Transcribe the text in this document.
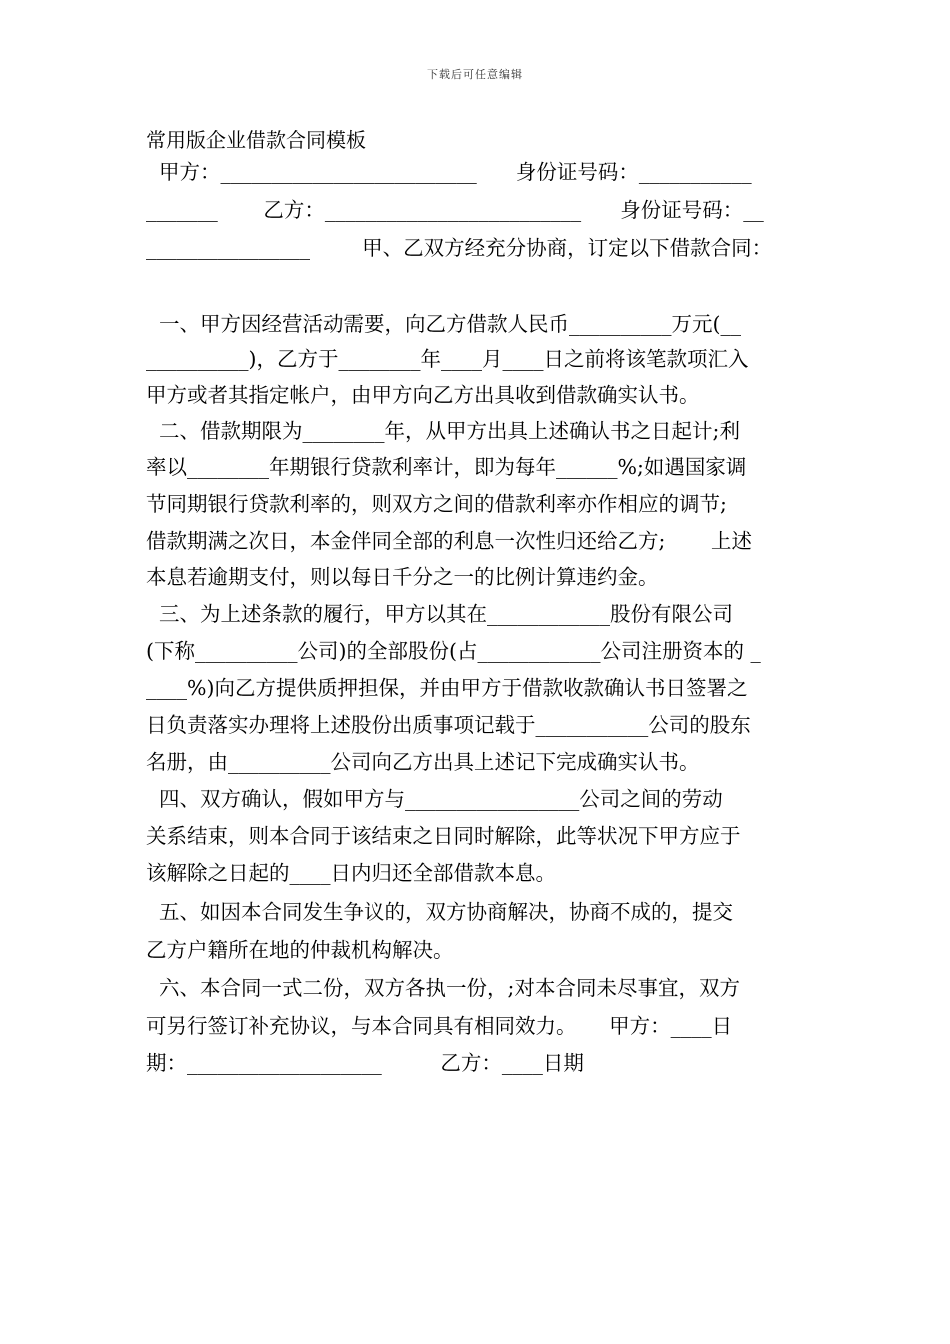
下载后可任意编辑
常用版企业借款合同模板
甲方：_________________________      身份证号码：___________
_______       乙方：_________________________      身份证号码：__
________________        甲、乙双方经充分协商，订定以下借款合同：
一、甲方因经营活动需要，向乙方借款人民币__________万元(__
__________)，乙方于________年____月____日之前将该笔款项汇入
甲方或者其指定帐户，由甲方向乙方出具收到借款确实认书。
二、借款期限为________年，从甲方出具上述确认书之日起计;利
率以________年期银行贷款利率计，即为每年______%;如遇国家调
节同期银行贷款利率的，则双方之间的借款利率亦作相应的调节;
借款期满之次日，本金伴同全部的利息一次性归还给乙方;       上述
本息若逾期支付，则以每日千分之一的比例计算违约金。
三、为上述条款的履行，甲方以其在____________股份有限公司
(下称__________公司)的全部股份(占____________公司注册资本的 _
____%)向乙方提供质押担保，并由甲方于借款收款确认书日签署之
日负责落实办理将上述股份出质事项记载于___________公司的股东
名册，由__________公司向乙方出具上述记下完成确实认书。
四、双方确认，假如甲方与_________________公司之间的劳动
关系结束，则本合同于该结束之日同时解除，此等状况下甲方应于
该解除之日起的____日内归还全部借款本息。
五、如因本合同发生争议的，双方协商解决，协商不成的，提交
乙方户籍所在地的仲裁机构解决。
六、本合同一式二份，双方各执一份，;对本合同未尽事宜，双方
可另行签订补充协议，与本合同具有相同效力。     甲方：____日
期：___________________         乙方：____日期
